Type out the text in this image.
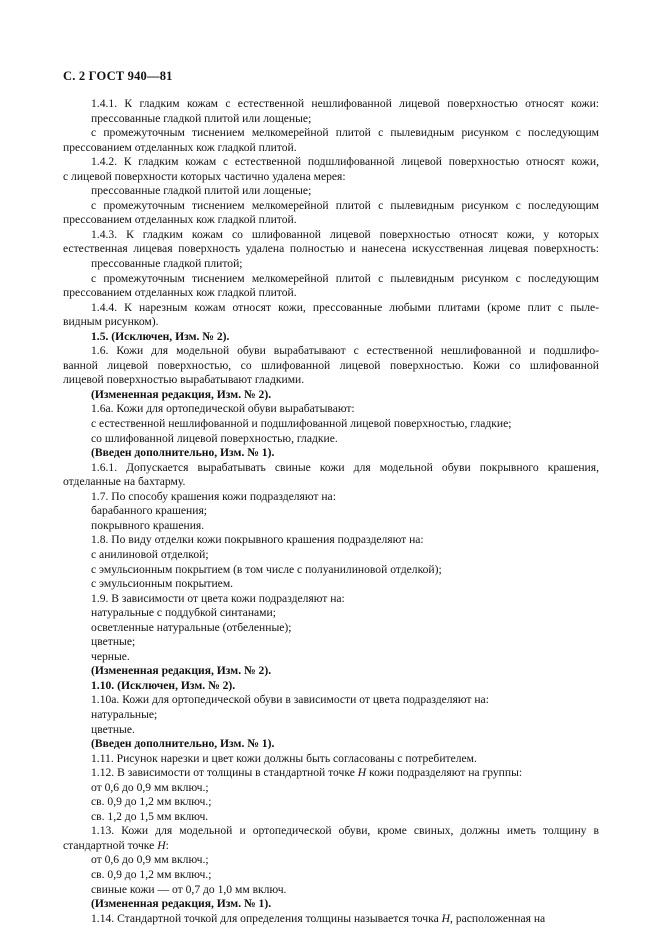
С. 2 ГОСТ 940—81

1.4.1. К гладким кожам с естественной нешлифованной лицевой поверхностью относят кожи:

прессованные гладкой плитой или лощеные;

с промежуточным тиснением мелкомерейной плитой с пылевидным рисунком с последующим

прессованием отделанных кож гладкой плитой.

1.4.2. К гладким кожам с естественной подшлифованной лицевой поверхностью относят кожи,

с лицевой поверхности которых частично удалена мерея:

прессованные гладкой плитой или лощеные;

с промежуточным тиснением мелкомерейной плитой с пылевидным рисунком с последующим

прессованием отделанных кож гладкой плитой.

1.4.3. К гладким кожам со шлифованной лицевой поверхностью относят кожи, у которых

естественная лицевая поверхность удалена полностью и нанесена искусственная лицевая поверхность:

прессованные гладкой плитой;

с промежуточным тиснением мелкомерейной плитой с пылевидным рисунком с последующим

прессованием отделанных кож гладкой плитой.

1.4.4. К нарезным кожам относят кожи, прессованные любыми плитами (кроме плит с пыле-

видным рисунком).

1.5. (Исключен, Изм. № 2).

1.6. Кожи для модельной обуви вырабатывают с естественной нешлифованной и подшлифо-

ванной лицевой поверхностью, со шлифованной лицевой поверхностью. Кожи со шлифованной

лицевой поверхностью вырабатывают гладкими.

(Измененная редакция, Изм. № 2).

1.6а. Кожи для ортопедической обуви вырабатывают:

с естественной нешлифованной и подшлифованной лицевой поверхностью, гладкие;

со шлифованной лицевой поверхностью, гладкие.

(Введен дополнительно, Изм. № 1).

1.6.1. Допускается вырабатывать свиные кожи для модельной обуви покрывного крашения,

отделанные на бахтарму.

1.7. По способу крашения кожи подразделяют на:

барабанного крашения;

покрывного крашения.

1.8. По виду отделки кожи покрывного крашения подразделяют на:

с анилиновой отделкой;

с эмульсионным покрытием (в том числе с полуанилиновой отделкой);

с эмульсионным покрытием.

1.9. В зависимости от цвета кожи подразделяют на:

натуральные с поддубкой синтанами;

осветленные натуральные (отбеленные);

цветные;

черные.

(Измененная редакция, Изм. № 2).

1.10. (Исключен, Изм. № 2).

1.10а. Кожи для ортопедической обуви в зависимости от цвета подразделяют на:

натуральные;

цветные.

(Введен дополнительно, Изм. № 1).

1.11. Рисунок нарезки и цвет кожи должны быть согласованы с потребителем.

1.12. В зависимости от толщины в стандартной точке H кожи подразделяют на группы:

от 0,6 до 0,9 мм включ.;

св. 0,9 до 1,2 мм включ.;

св. 1,2 до 1,5 мм включ.

1.13. Кожи для модельной и ортопедической обуви, кроме свиных, должны иметь толщину в

стандартной точке H:

от 0,6 до 0,9 мм включ.;

св. 0,9 до 1,2 мм включ.;

свиные кожи — от 0,7 до 1,0 мм включ.

(Измененная редакция, Изм. № 1).

1.14. Стандартной точкой для определения толщины называется точка H, расположенная на
